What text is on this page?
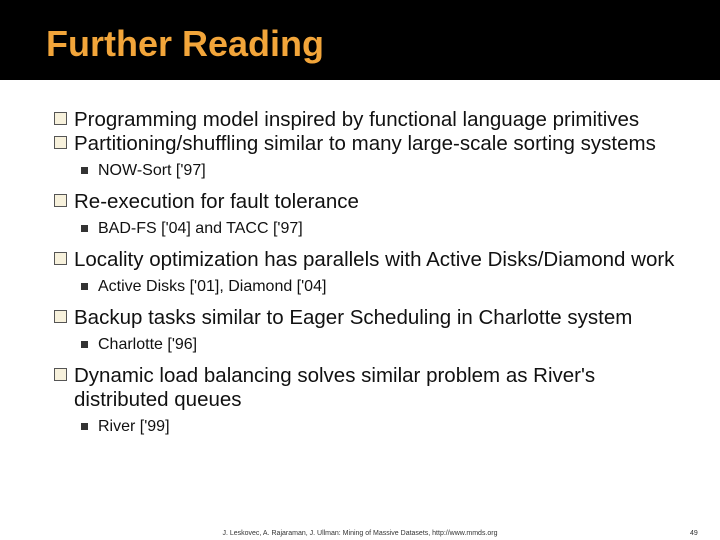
Further Reading
Programming model inspired by functional language primitives
Partitioning/shuffling similar to many large-scale sorting systems
NOW-Sort ['97]
Re-execution for fault tolerance
BAD-FS ['04] and TACC ['97]
Locality optimization has parallels with Active Disks/Diamond work
Active Disks ['01], Diamond ['04]
Backup tasks similar to Eager Scheduling in Charlotte system
Charlotte ['96]
Dynamic load balancing solves similar problem as River's distributed queues
River ['99]
J. Leskovec, A. Rajaraman, J. Ullman: Mining of Massive Datasets, http://www.mmds.org	49
